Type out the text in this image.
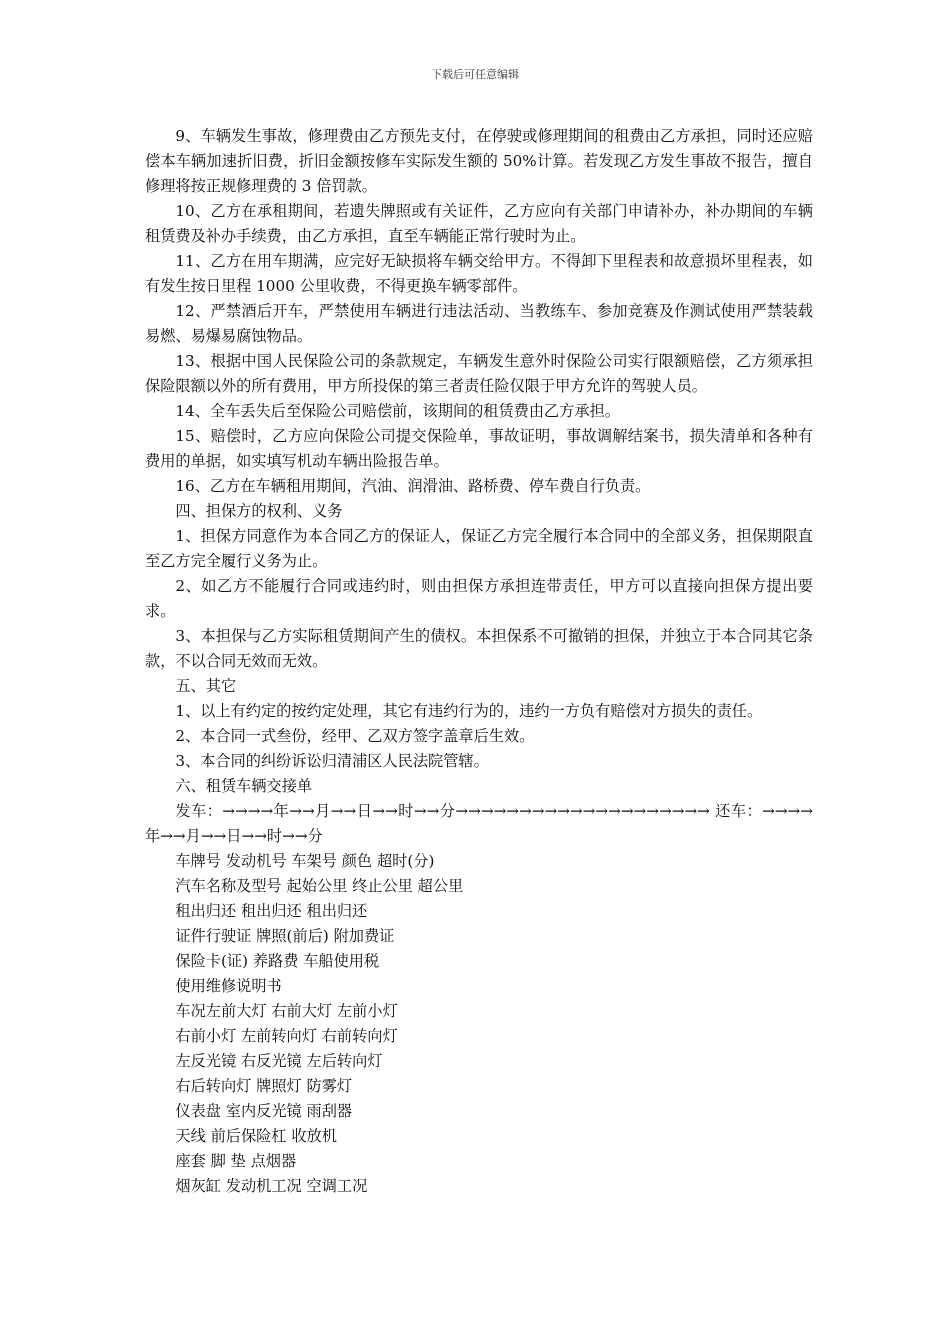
下载后可任意编辑

9、车辆发生事故，修理费由乙方预先支付，在停驶或修理期间的租费由乙方承担，同时还应赔偿本车辆加速折旧费，折旧金额按修车实际发生额的 50%计算。若发现乙方发生事故不报告，擅自修理将按正规修理费的 3 倍罚款。

10、乙方在承租期间，若遗失牌照或有关证件，乙方应向有关部门申请补办，补办期间的车辆租赁费及补办手续费，由乙方承担，直至车辆能正常行驶时为止。

11、乙方在用车期满，应完好无缺损将车辆交给甲方。不得卸下里程表和故意损坏里程表，如有发生按日里程 1000 公里收费，不得更换车辆零部件。

12、严禁酒后开车，严禁使用车辆进行违法活动、当教练车、参加竞赛及作测试使用严禁装载易燃、易爆易腐蚀物品。

13、根据中国人民保险公司的条款规定，车辆发生意外时保险公司实行限额赔偿，乙方须承担保险限额以外的所有费用，甲方所投保的第三者责任险仅限于甲方允许的驾驶人员。

14、全车丢失后至保险公司赔偿前，该期间的租赁费由乙方承担。

15、赔偿时，乙方应向保险公司提交保险单，事故证明，事故调解结案书，损失清单和各种有费用的单据，如实填写机动车辆出险报告单。

16、乙方在车辆租用期间，汽油、润滑油、路桥费、停车费自行负责。

四、担保方的权利、义务

1、担保方同意作为本合同乙方的保证人，保证乙方完全履行本合同中的全部义务，担保期限直至乙方完全履行义务为止。

2、如乙方不能履行合同或违约时，则由担保方承担连带责任，甲方可以直接向担保方提出要求。

3、本担保与乙方实际租赁期间产生的债权。本担保系不可撤销的担保，并独立于本合同其它条款，不以合同无效而无效。

五、其它

1、以上有约定的按约定处理，其它有违约行为的，违约一方负有赔偿对方损失的责任。

2、本合同一式叁份，经甲、乙双方签字盖章后生效。

3、本合同的纠纷诉讼归清浦区人民法院管辖。

六、租赁车辆交接单

发车：→→→→年→→月→→日→→时→→分→→→→→→→→→→→→→→→→→→→→ 还车：→→→→年→→月→→日→→时→→分

车牌号 发动机号 车架号 颜色 超时(分)

汽车名称及型号 起始公里 终止公里 超公里

租出归还 租出归还 租出归还

证件行驶证 牌照(前后) 附加费证

保险卡(证) 养路费 车船使用税

使用维修说明书

车况左前大灯 右前大灯 左前小灯

右前小灯 左前转向灯 右前转向灯

左反光镜 右反光镜 左后转向灯

右后转向灯 牌照灯 防雾灯

仪表盘 室内反光镜 雨刮器

天线 前后保险杠 收放机

座套 脚 垫 点烟器

烟灰缸 发动机工况 空调工况
